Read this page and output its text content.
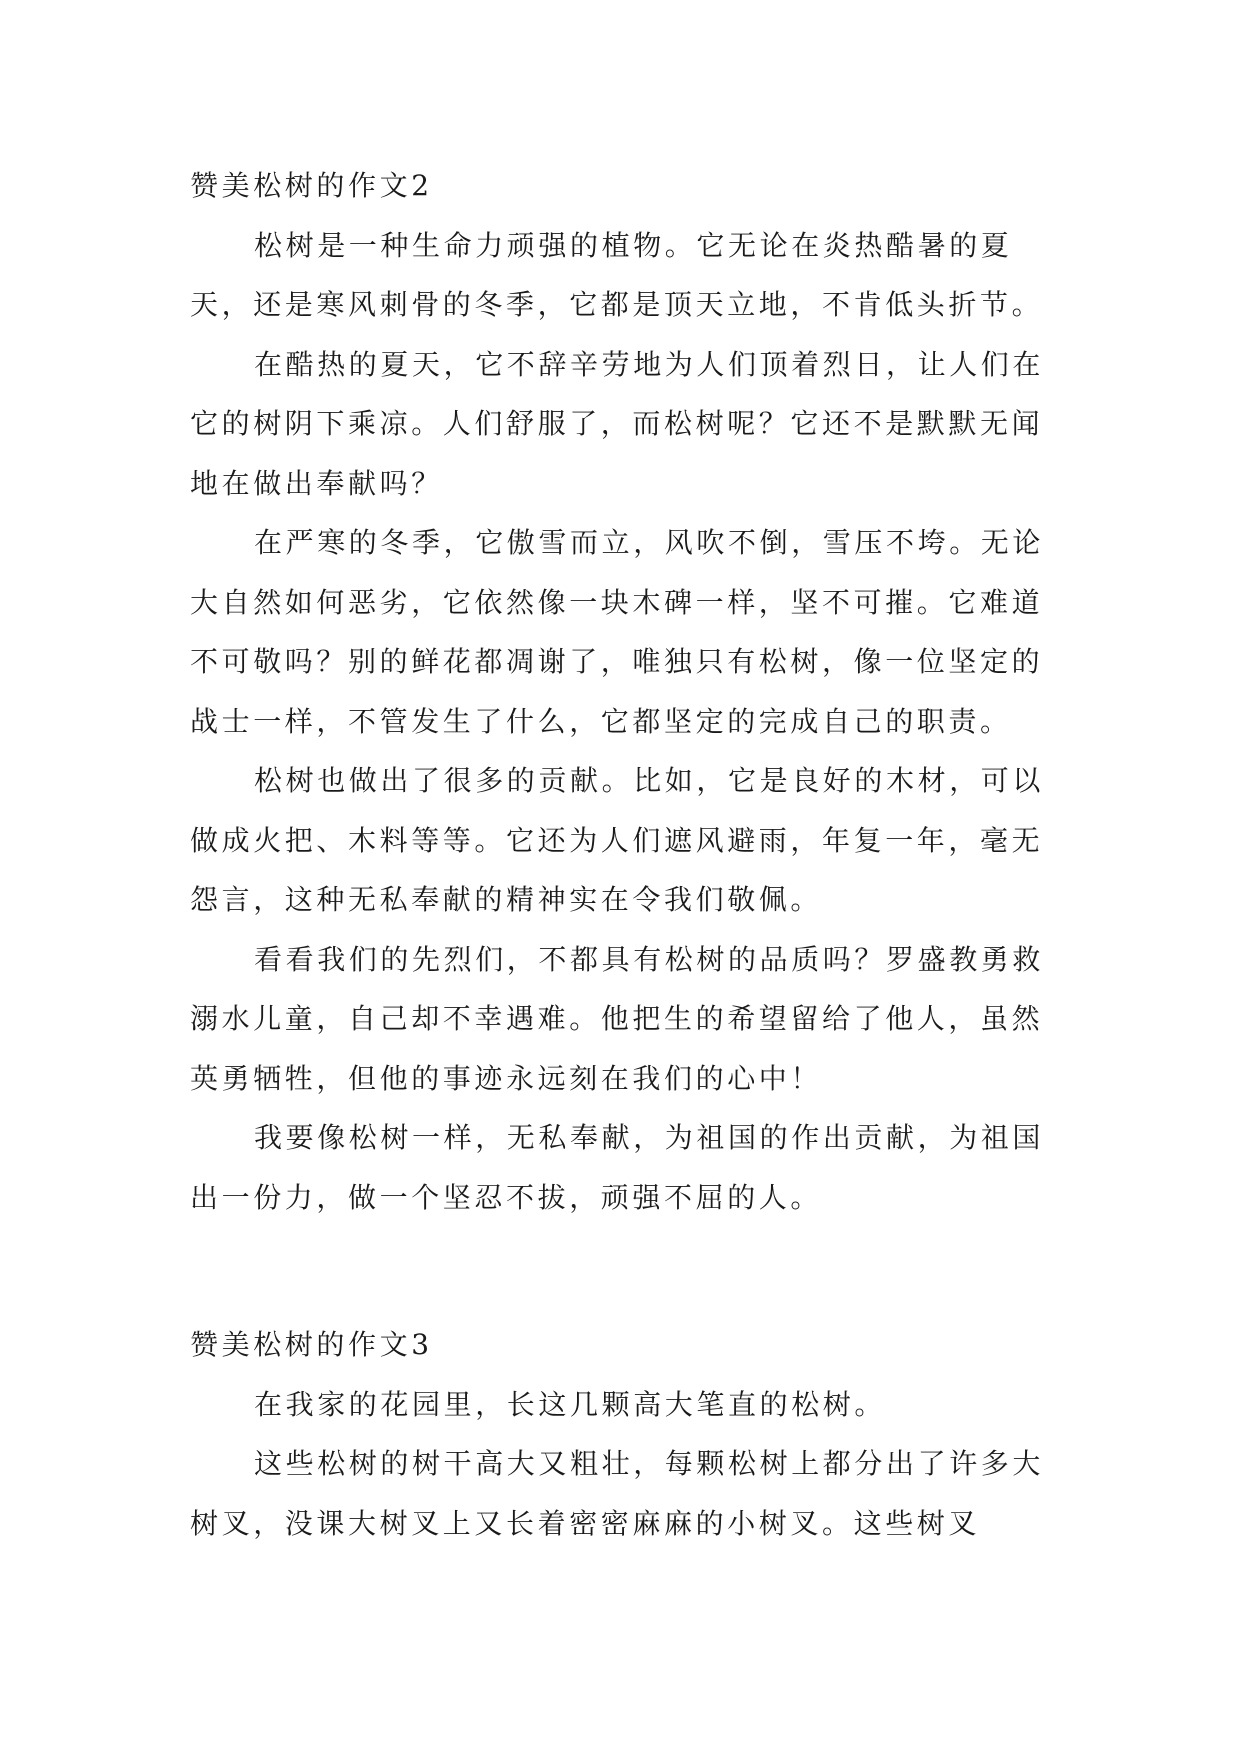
赞美松树的作文2

松树是一种生命力顽强的植物。它无论在炎热酷暑的夏天，还是寒风刺骨的冬季，它都是顶天立地，不肯低头折节。

在酷热的夏天，它不辞辛劳地为人们顶着烈日，让人们在它的树阴下乘凉。人们舒服了，而松树呢？它还不是默默无闻地在做出奉献吗？

在严寒的冬季，它傲雪而立，风吹不倒，雪压不垮。无论大自然如何恶劣，它依然像一块木碑一样，坚不可摧。它难道不可敬吗？别的鲜花都凋谢了，唯独只有松树，像一位坚定的战士一样，不管发生了什么，它都坚定的完成自己的职责。

松树也做出了很多的贡献。比如，它是良好的木材，可以做成火把、木料等等。它还为人们遮风避雨，年复一年，毫无怨言，这种无私奉献的精神实在令我们敬佩。

看看我们的先烈们，不都具有松树的品质吗？罗盛教勇救溺水儿童，自己却不幸遇难。他把生的希望留给了他人，虽然英勇牺牲，但他的事迹永远刻在我们的心中！

我要像松树一样，无私奉献，为祖国的作出贡献，为祖国出一份力，做一个坚忍不拔，顽强不屈的人。

赞美松树的作文3

在我家的花园里，长这几颗高大笔直的松树。

这些松树的树干高大又粗壮，每颗松树上都分出了许多大树叉，没课大树叉上又长着密密麻麻的小树叉。这些树叉
